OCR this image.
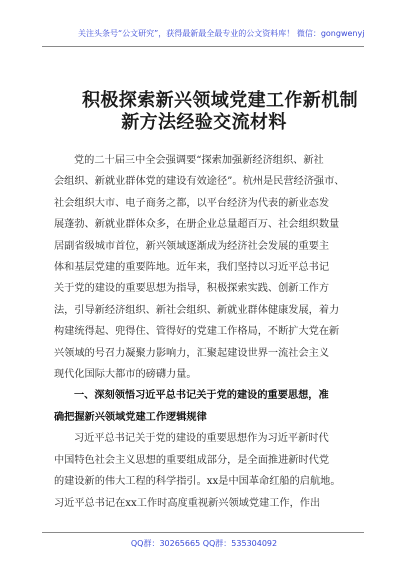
关注头条号“公文研究”，获得最新最全最专业的公文资料库！ 微信：gongwenyj
积极探索新兴领域党建工作新机制
新方法经验交流材料
党的二十届三中全会强调要“探索加强新经济组织、新社
会组织、新就业群体党的建设有效途径”。杭州是民营经济强市、
社会组织大市、电子商务之都，以平台经济为代表的新业态发
展蓬勃、新就业群体众多，在册企业总量超百万、社会组织数量
居副省级城市首位，新兴领域逐渐成为经济社会发展的重要主
体和基层党建的重要阵地。近年来，我们坚持以习近平总书记
关于党的建设的重要思想为指导，积极探索实践、创新工作方
法，引导新经济组织、新社会组织、新就业群体健康发展，着力
构建统得起、兜得住、管得好的党建工作格局，不断扩大党在新
兴领域的号召力凝聚力影响力，汇聚起建设世界一流社会主义
现代化国际大都市的磅礴力量。
一、深刻领悟习近平总书记关于党的建设的重要思想，准
确把握新兴领域党建工作逻辑规律
习近平总书记关于党的建设的重要思想作为习近平新时代
中国特色社会主义思想的重要组成部分，是全面推进新时代党
的建设新的伟大工程的科学指引。xx是中国革命红船的启航地。
习近平总书记在xx工作时高度重视新兴领域党建工作，作出
QQ群：30265665 QQ群：535304092
